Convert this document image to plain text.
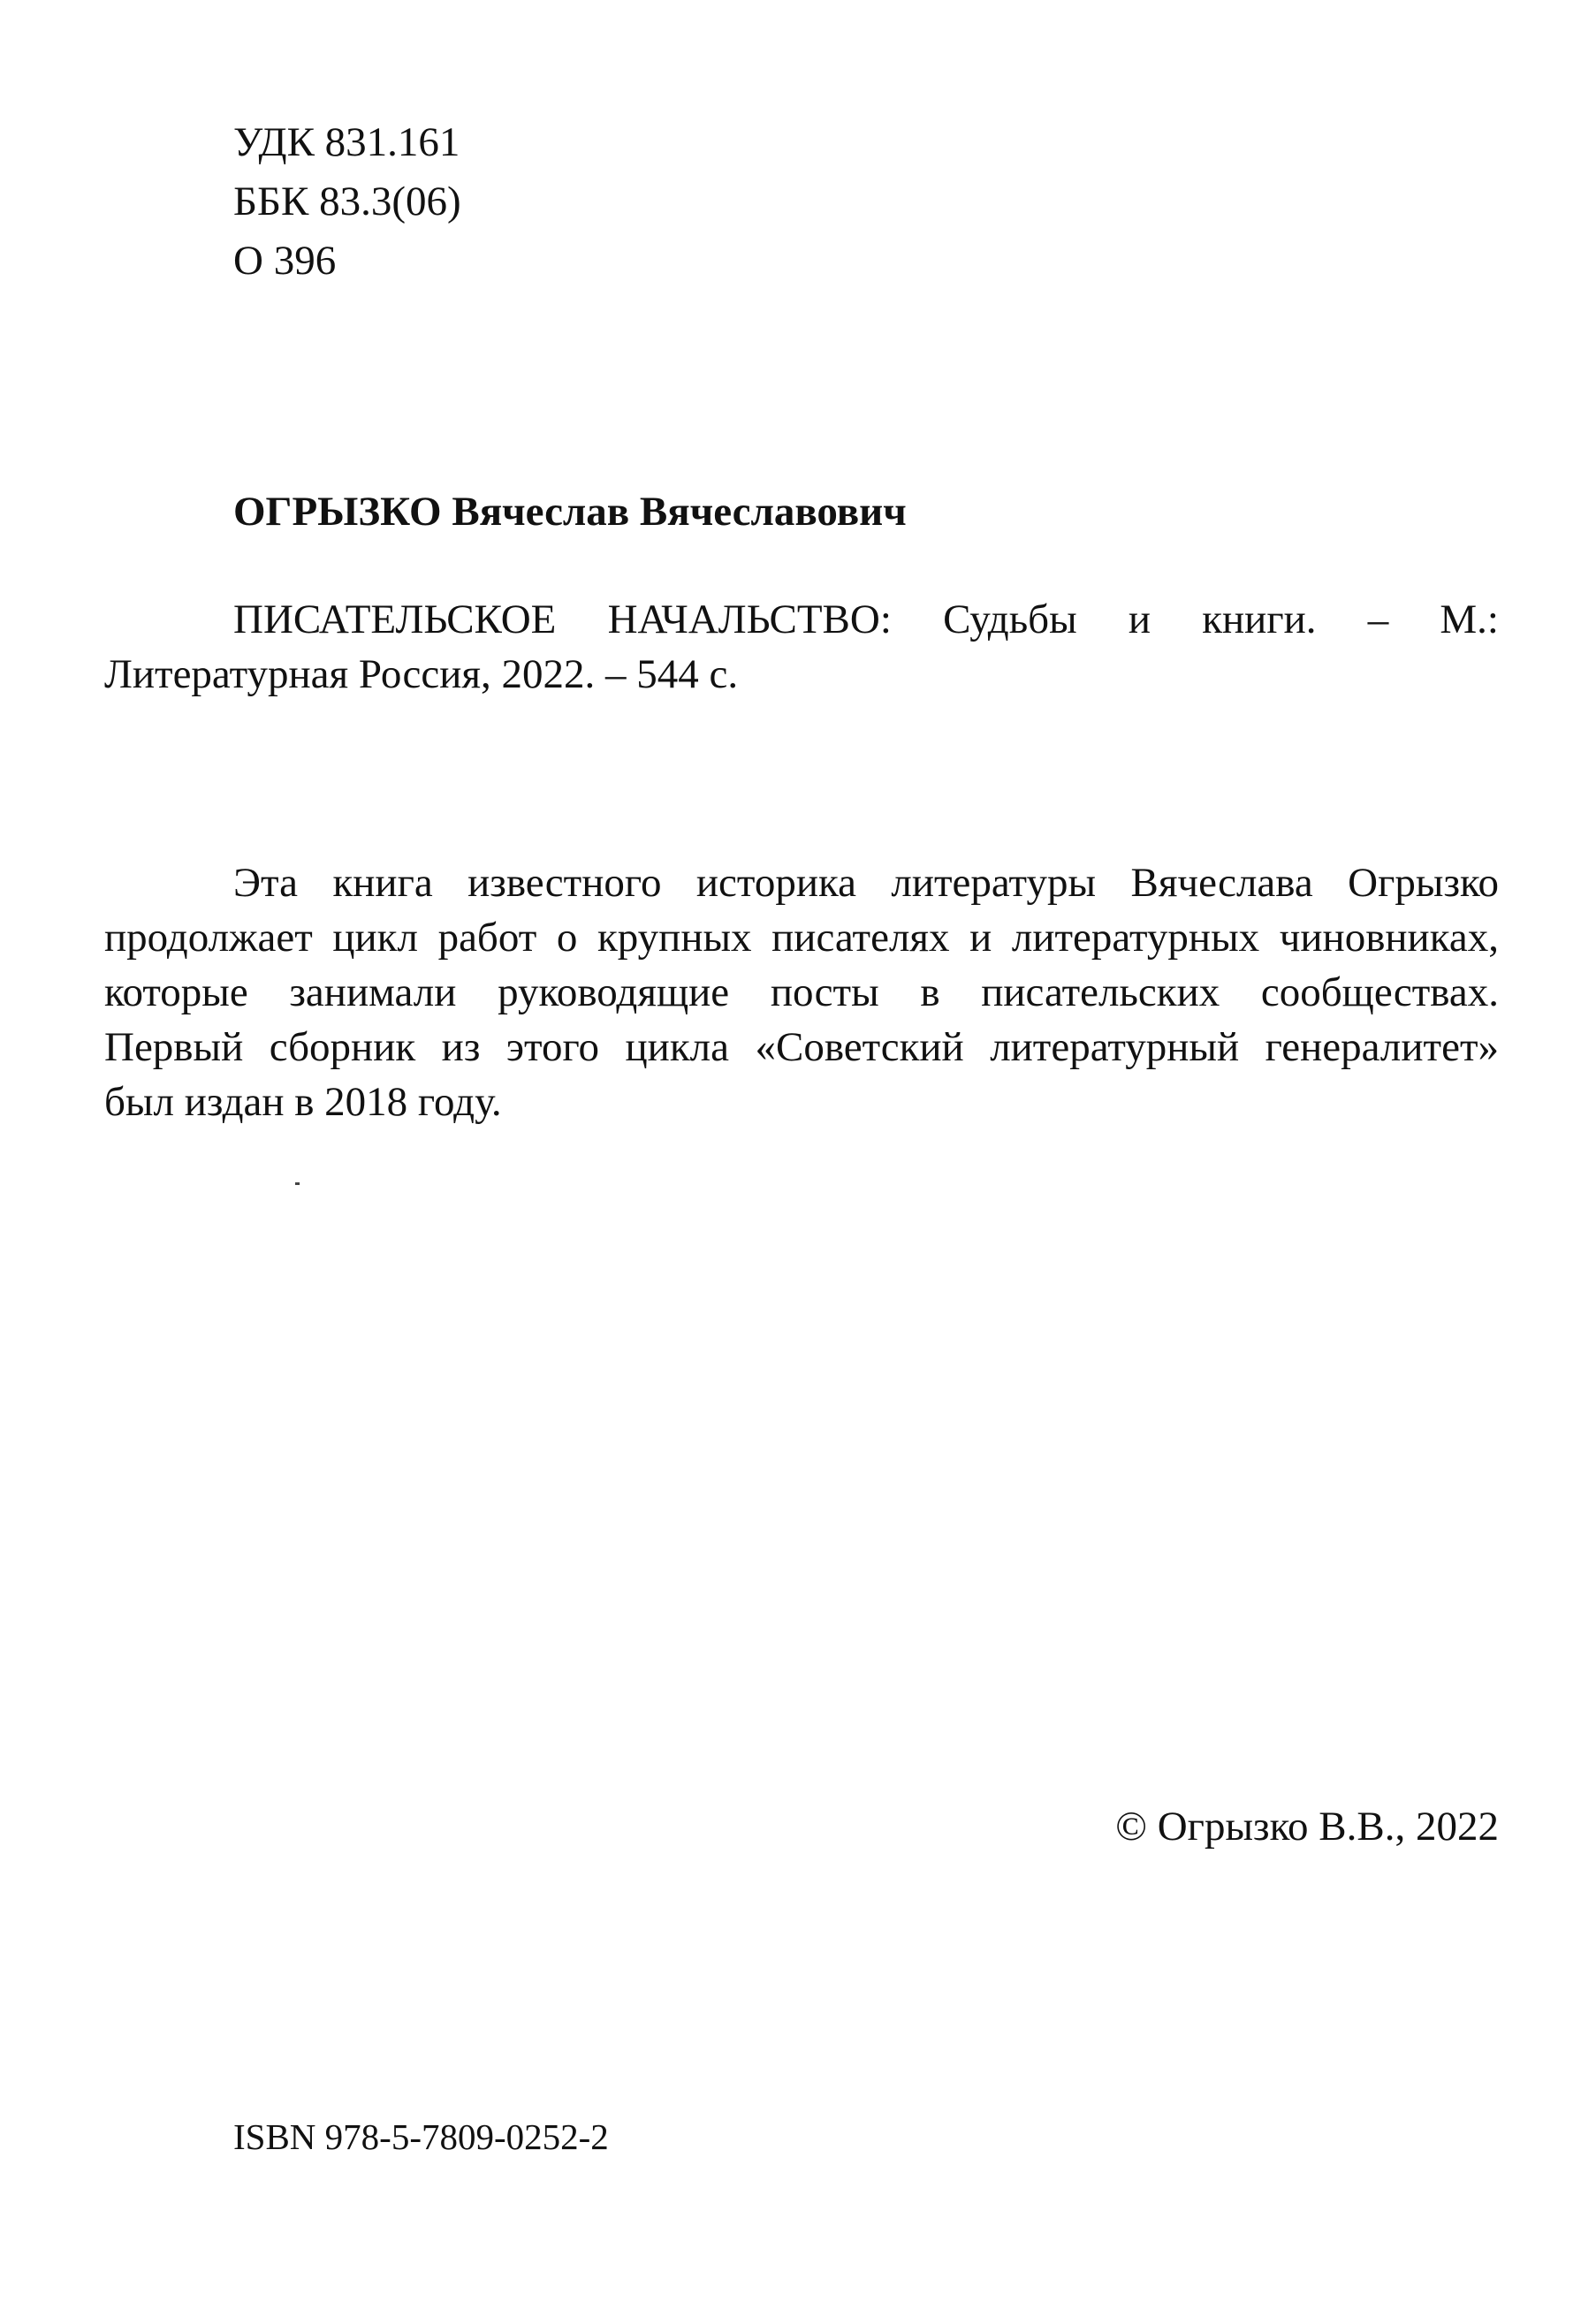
УДК 831.161
ББК 83.3(06)
О 396
ОГРЫЗКО Вячеслав Вячеславович
ПИСАТЕЛЬСКОЕ НАЧАЛЬСТВО: Судьбы и книги. – М.:
Литературная Россия, 2022. – 544 с.
Эта книга известного историка литературы Вячеслава Огрызко
продолжает цикл работ о крупных писателях и литературных чиновниках,
которые занимали руководящие посты в писательских сообществах.
Первый сборник из этого цикла «Советский литературный генералитет»
был издан в 2018 году.
© Огрызко В.В., 2022
ISBN 978-5-7809-0252-2
